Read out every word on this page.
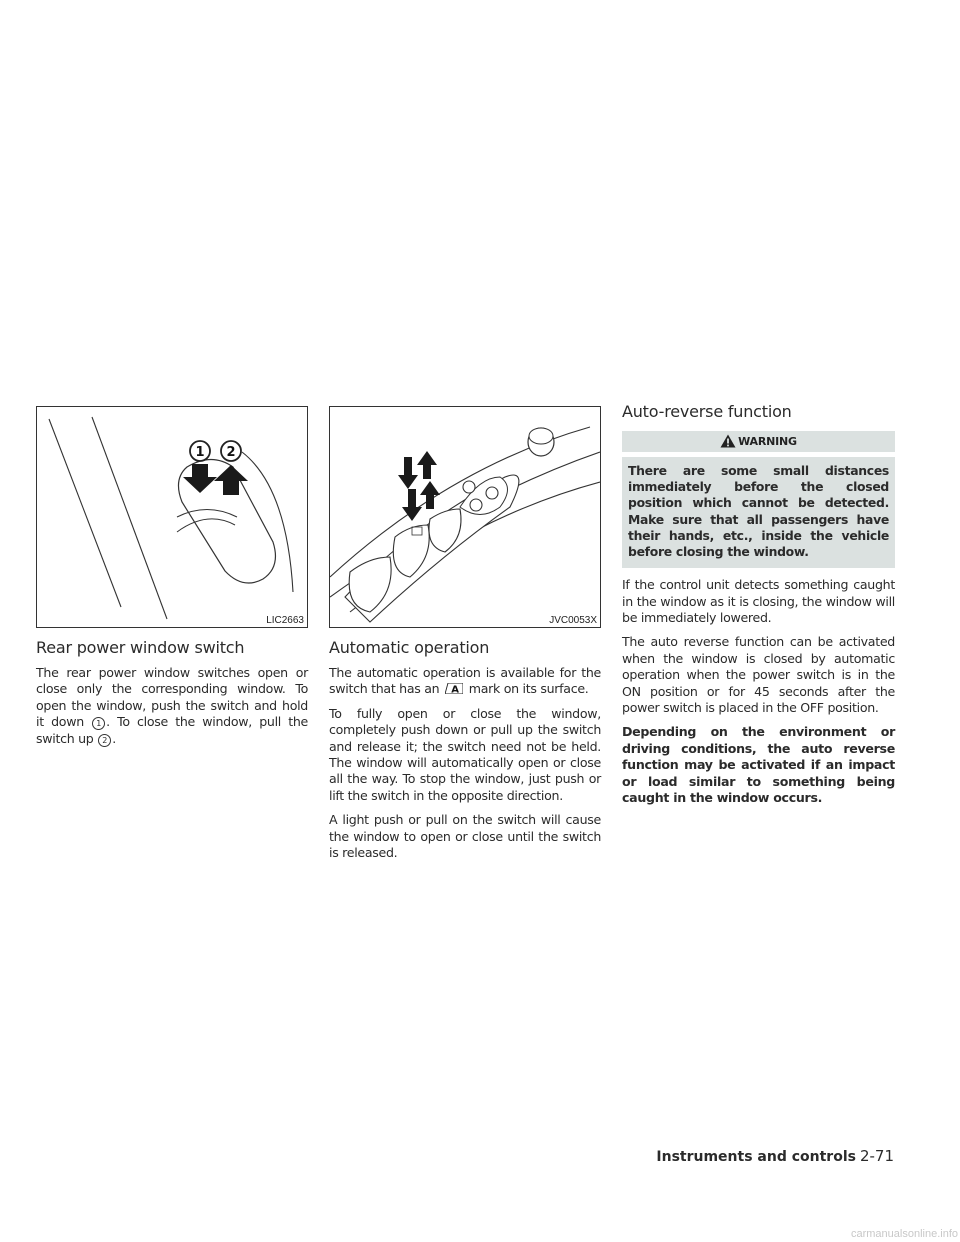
1 2
LIC2663
Rear power window switch

The rear power window switches open or close only the corresponding window. To open the window, push the switch and hold it down 1 . To close the window, pull the switch up 2 .

JVC0053X
Automatic operation

The automatic operation is available for the switch that has an A mark on its surface.

To fully open or close the window, completely push down or pull up the switch and release it; the switch need not be held. The window will automatically open or close all the way. To stop the window, just push or lift the switch in the opposite direction.

A light push or pull on the switch will cause the window to open or close until the switch is released.

Auto-reverse function
WARNING
There are some small distances immediately before the closed position which cannot be detected. Make sure that all passengers have their hands, etc., inside the vehicle before closing the window.

If the control unit detects something caught in the window as it is closing, the window will be immediately lowered.

The auto reverse function can be activated when the window is closed by automatic operation when the power switch is in the ON position or for 45 seconds after the power switch is placed in the OFF position.

Depending on the environment or driving conditions, the auto reverse function may be activated if an impact or load similar to something being caught in the window occurs.

Instruments and controls 2-71
carmanualsonline.info
